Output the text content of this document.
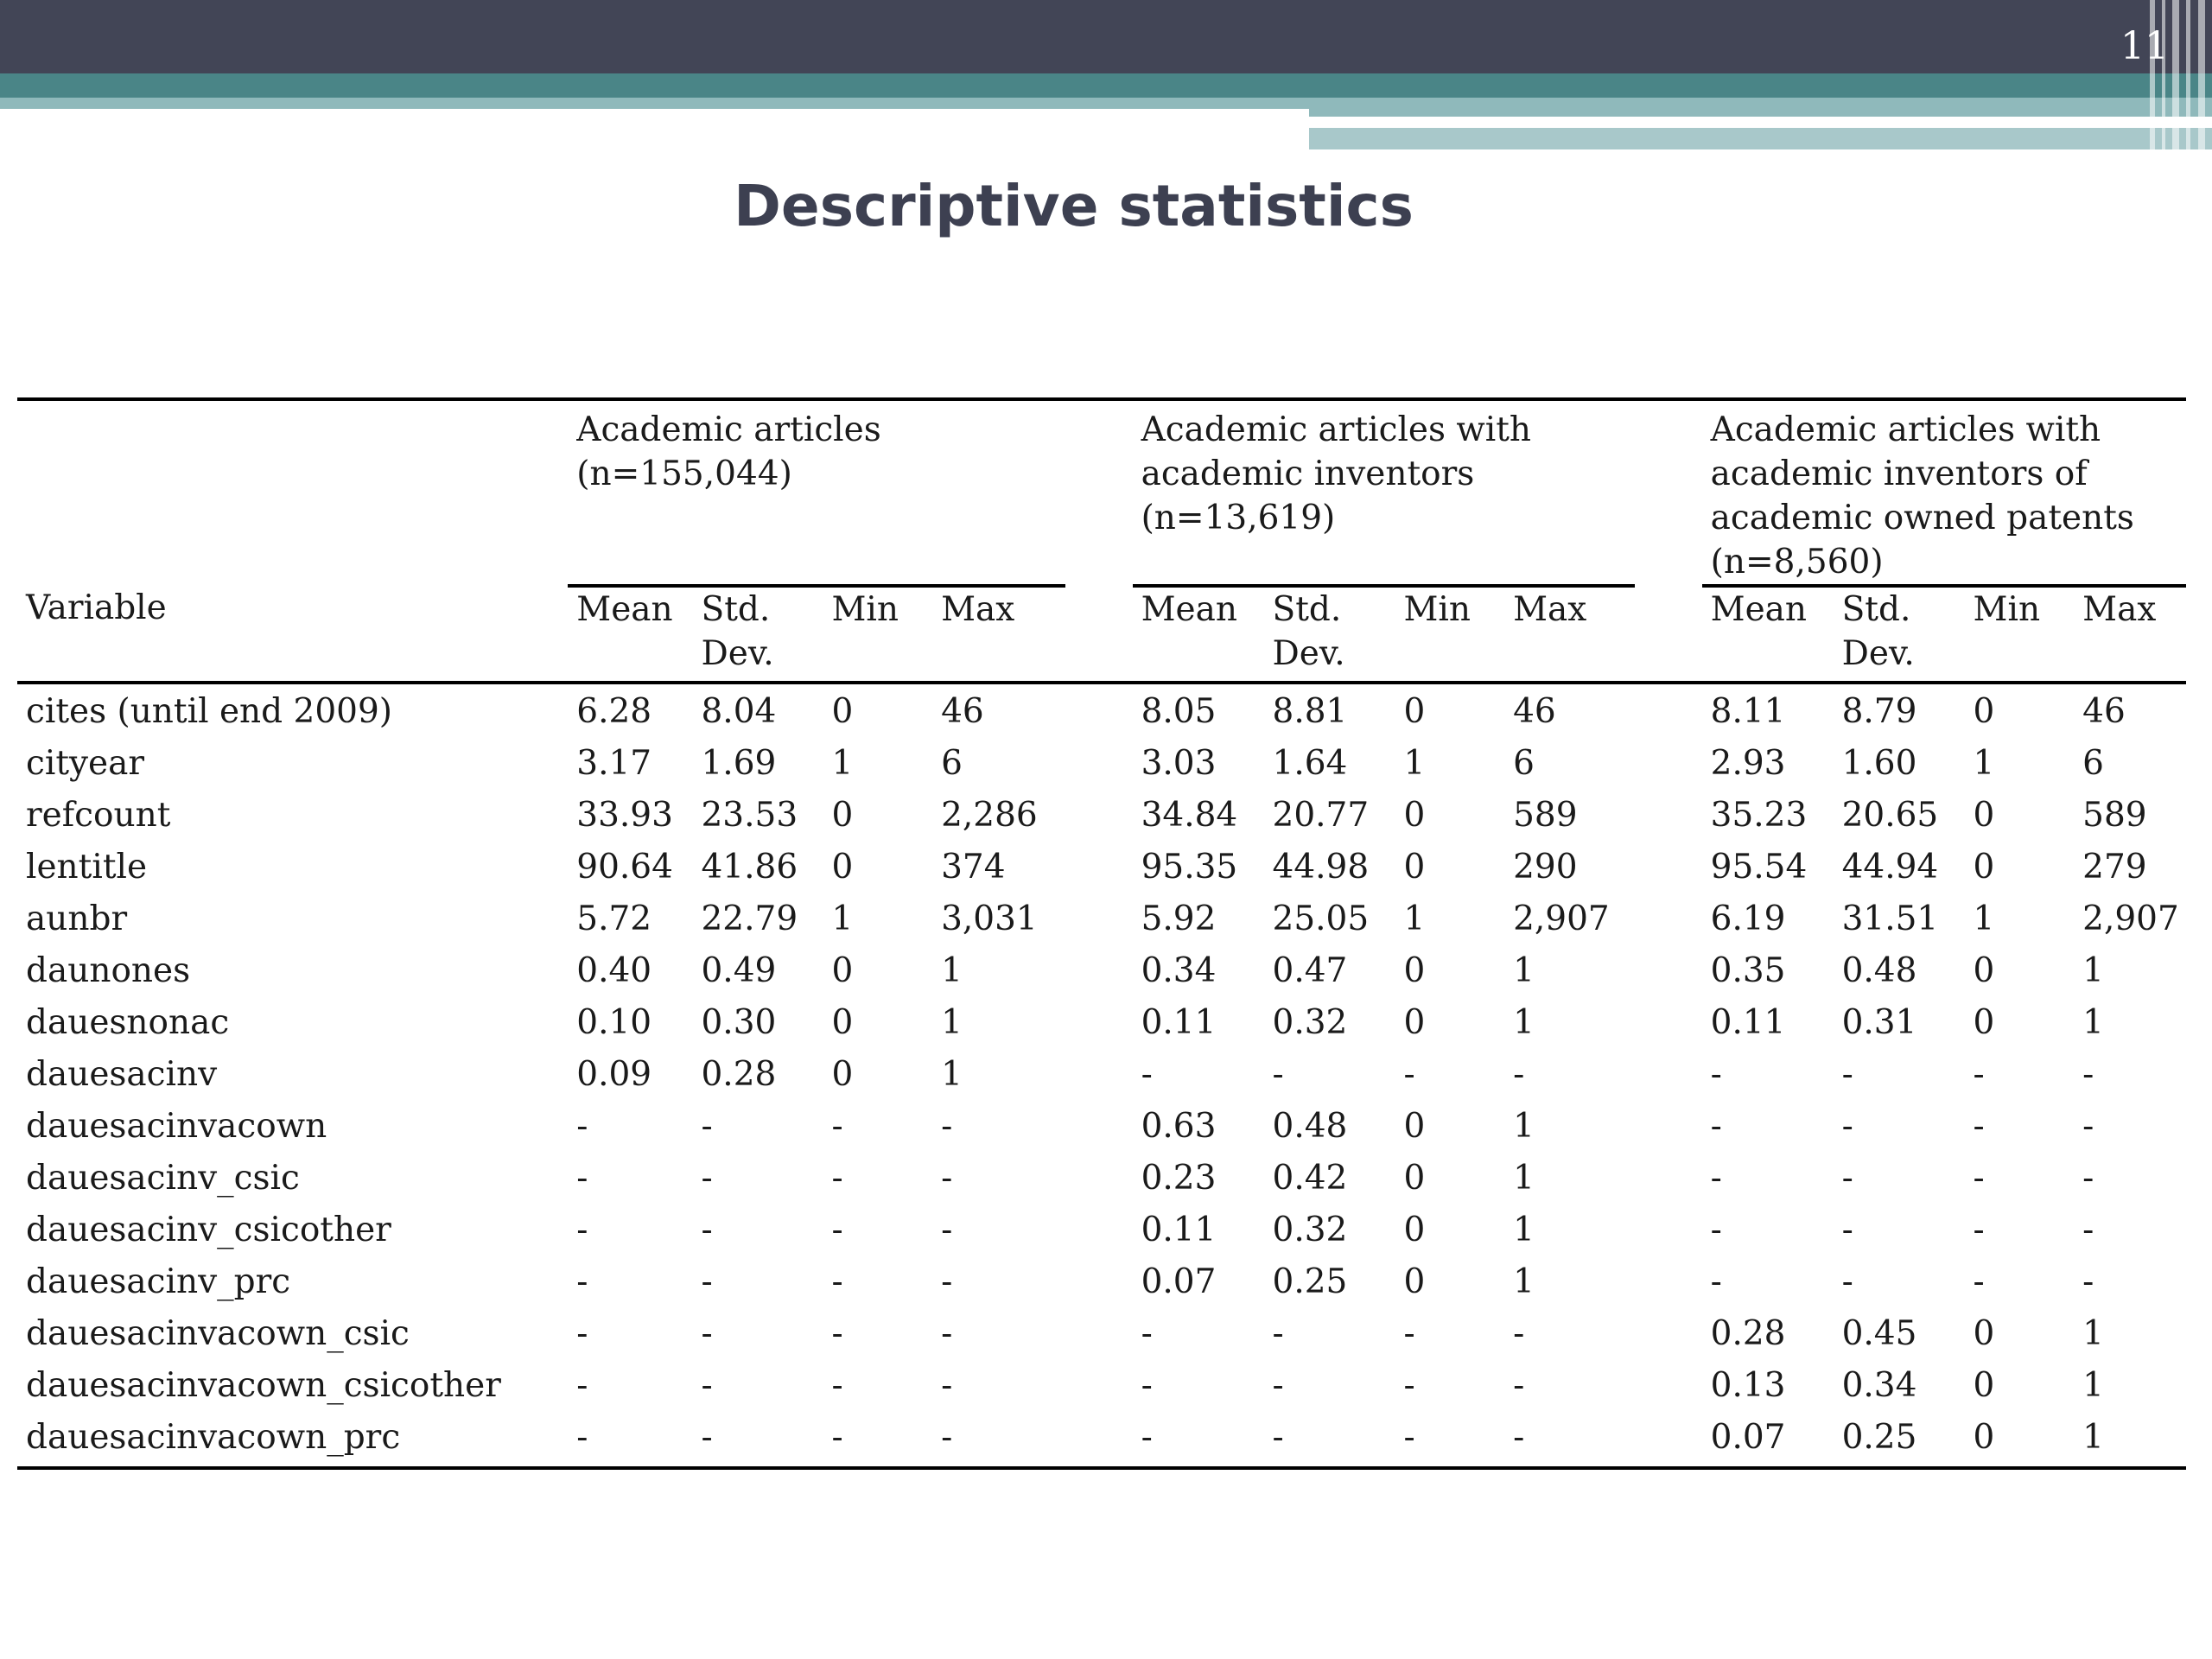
11
Descriptive statistics
	Academic articles
(n=155,044)					Academic articles with
academic inventors
(n=13,619)					Academic articles with
academic inventors of
academic owned patents
(n=8,560)			
Variable	Mean	Std. Dev.	Min	Max		Mean	Std. Dev.	Min	Max		Mean	Std. Dev.	Min	Max
cites (until end 2009)	6.28	8.04	0	46		8.05	8.81	0	46		8.11	8.79	0	46
cityear	3.17	1.69	1	6		3.03	1.64	1	6		2.93	1.60	1	6
refcount	33.93	23.53	0	2,286		34.84	20.77	0	589		35.23	20.65	0	589
lentitle	90.64	41.86	0	374		95.35	44.98	0	290		95.54	44.94	0	279
aunbr	5.72	22.79	1	3,031		5.92	25.05	1	2,907		6.19	31.51	1	2,907
daunones	0.40	0.49	0	1		0.34	0.47	0	1		0.35	0.48	0	1
dauesnonac	0.10	0.30	0	1		0.11	0.32	0	1		0.11	0.31	0	1
dauesacinv	0.09	0.28	0	1		-	-	-	-		-	-	-	-
dauesacinvacown	-	-	-	-		0.63	0.48	0	1		-	-	-	-
dauesacinv_csic	-	-	-	-		0.23	0.42	0	1		-	-	-	-
dauesacinv_csicother	-	-	-	-		0.11	0.32	0	1		-	-	-	-
dauesacinv_prc	-	-	-	-		0.07	0.25	0	1		-	-	-	-
dauesacinvacown_csic	-	-	-	-		-	-	-	-		0.28	0.45	0	1
dauesacinvacown_csicother	-	-	-	-		-	-	-	-		0.13	0.34	0	1
dauesacinvacown_prc	-	-	-	-		-	-	-	-		0.07	0.25	0	1
